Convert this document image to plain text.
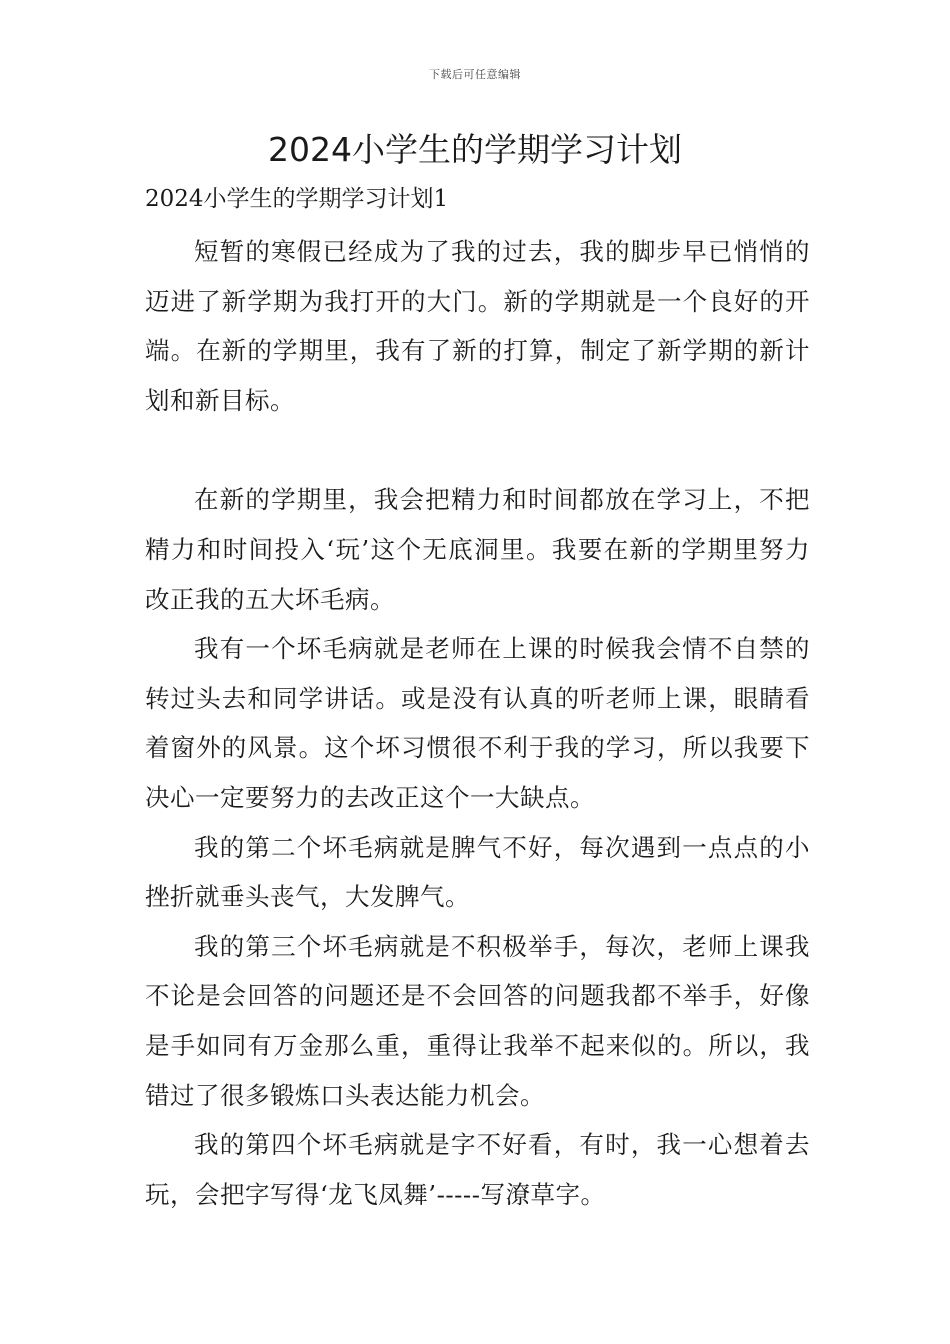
下载后可任意编辑
2024小学生的学期学习计划

2024小学生的学期学习计划1

短暂的寒假已经成为了我的过去，我的脚步早已悄悄的迈进了新学期为我打开的大门。新的学期就是一个良好的开端。在新的学期里，我有了新的打算，制定了新学期的新计划和新目标。

在新的学期里，我会把精力和时间都放在学习上，不把精力和时间投入‘玩’这个无底洞里。我要在新的学期里努力改正我的五大坏毛病。

我有一个坏毛病就是老师在上课的时候我会情不自禁的转过头去和同学讲话。或是没有认真的听老师上课，眼睛看着窗外的风景。这个坏习惯很不利于我的学习，所以我要下决心一定要努力的去改正这个一大缺点。

我的第二个坏毛病就是脾气不好，每次遇到一点点的小挫折就垂头丧气，大发脾气。

我的第三个坏毛病就是不积极举手，每次，老师上课我不论是会回答的问题还是不会回答的问题我都不举手，好像是手如同有万金那么重，重得让我举不起来似的。所以，我错过了很多锻炼口头表达能力机会。

我的第四个坏毛病就是字不好看，有时，我一心想着去玩，会把字写得‘龙飞凤舞’-----写潦草字。
